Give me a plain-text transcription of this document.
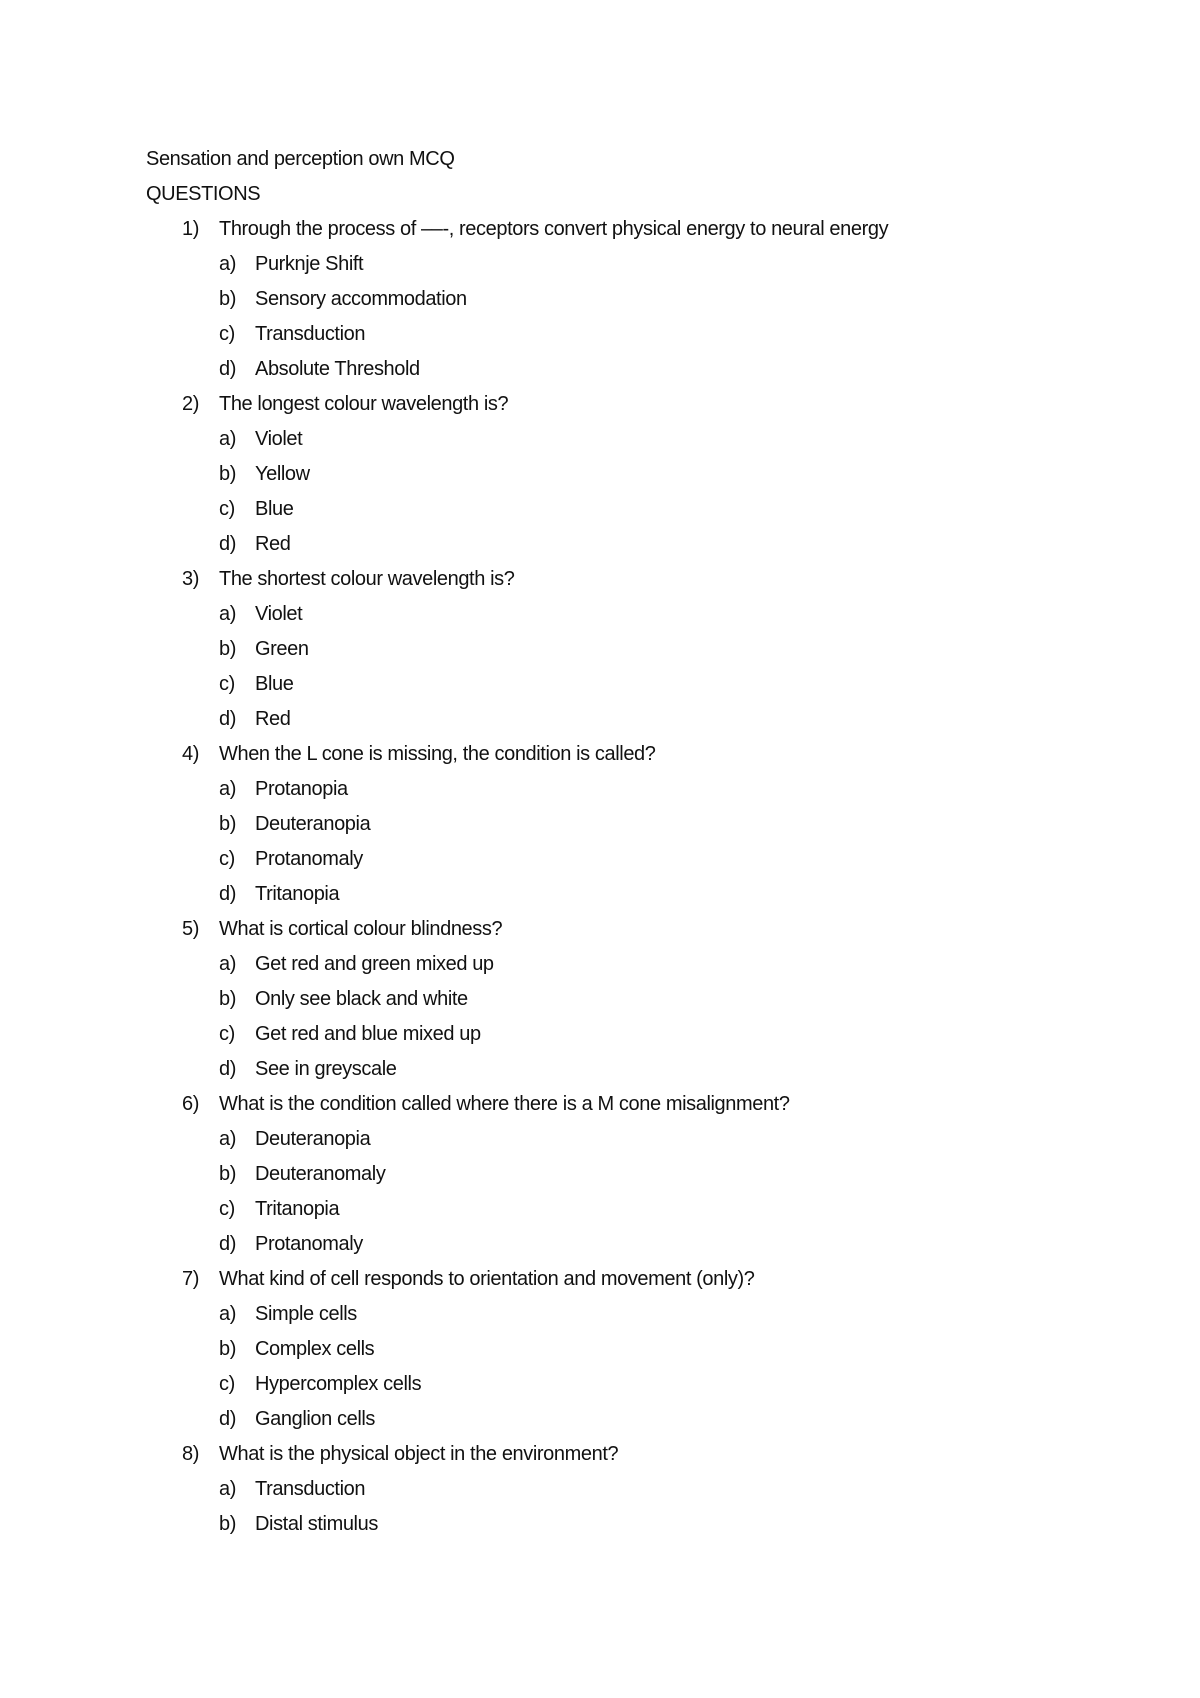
Sensation and perception own MCQ
QUESTIONS
1)	Through the process of ––-, receptors convert physical energy to neural energy
a) Purknje Shift
b) Sensory accommodation
c)	Transduction
d) Absolute Threshold
2)	The longest colour wavelength is?
a) Violet
b) Yellow
c)	Blue
d) Red
3)	The shortest colour wavelength is?
a) Violet
b) Green
c)	Blue
d) Red
4)	When the L cone is missing, the condition is called?
a) Protanopia
b) Deuteranopia
c)	Protanomaly
d) Tritanopia
5)	What is cortical colour blindness?
a) Get red and green mixed up
b) Only see black and white
c)	Get red and blue mixed up
d) See in greyscale
6)	What is the condition called where there is a M cone misalignment?
a) Deuteranopia
b) Deuteranomaly
c)	Tritanopia
d) Protanomaly
7)	What kind of cell responds to orientation and movement (only)?
a) Simple cells
b) Complex cells
c)	Hypercomplex cells
d) Ganglion cells
8)	What is the physical object in the environment?
a) Transduction
b) Distal stimulus
